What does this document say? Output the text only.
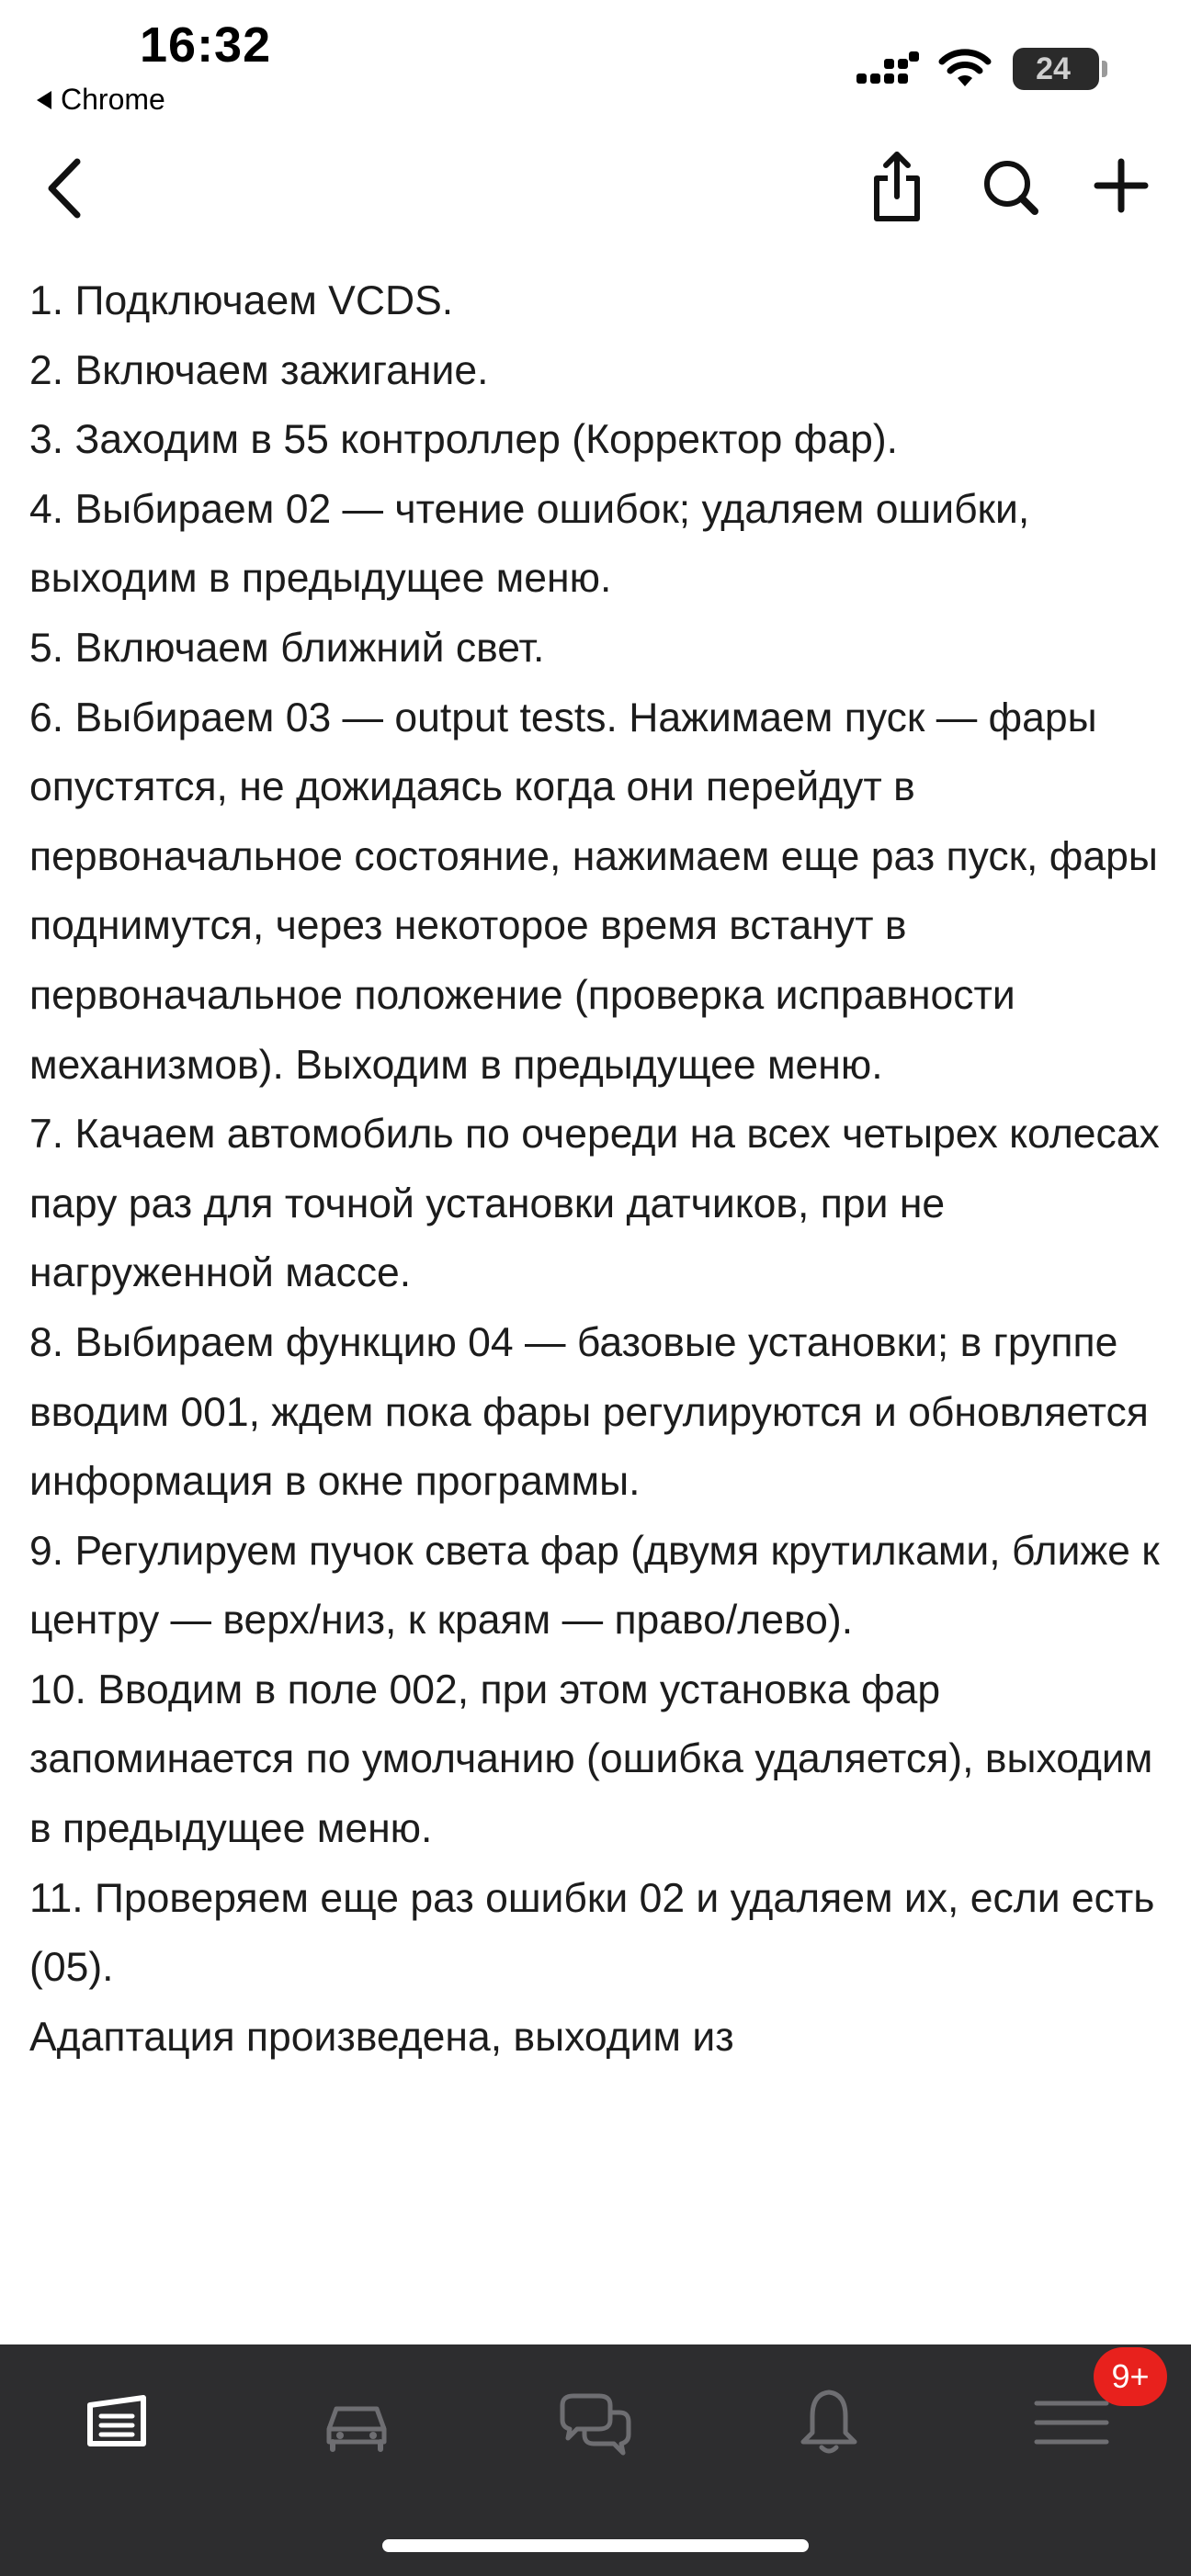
16:32
Chrome
24

1. Подключаем VCDS.

2. Включаем зажигание.

3. Заходим в 55 контроллер (Корректор фар).

4. Выбираем 02 — чтение ошибок; удаляем ошибки, выходим в предыдущее меню.

5. Включаем ближний свет.

6. Выбираем 03 — output tests. Нажимаем пуск — фары опустятся, не дожидаясь когда они перейдут в первоначальное состояние, нажимаем еще раз пуск, фары поднимутся, через некоторое время встанут в первоначальное положение (проверка исправности механизмов). Выходим в предыдущее меню.

7. Качаем автомобиль по очереди на всех четырех колесах пару раз для точной установки датчиков, при не нагруженной массе.

8. Выбираем функцию 04 — базовые установки; в группе вводим 001, ждем пока фары регулируются и обновляется информация в окне программы.

9. Регулируем пучок света фар (двумя крутилками, ближе к центру — верх/низ, к краям — право/лево).

10. Вводим в поле 002, при этом установка фар запоминается по умолчанию (ошибка удаляется), выходим в предыдущее меню.

11. Проверяем еще раз ошибки 02 и удаляем их, если есть (05).

Адаптация произведена, выходим из

9+
